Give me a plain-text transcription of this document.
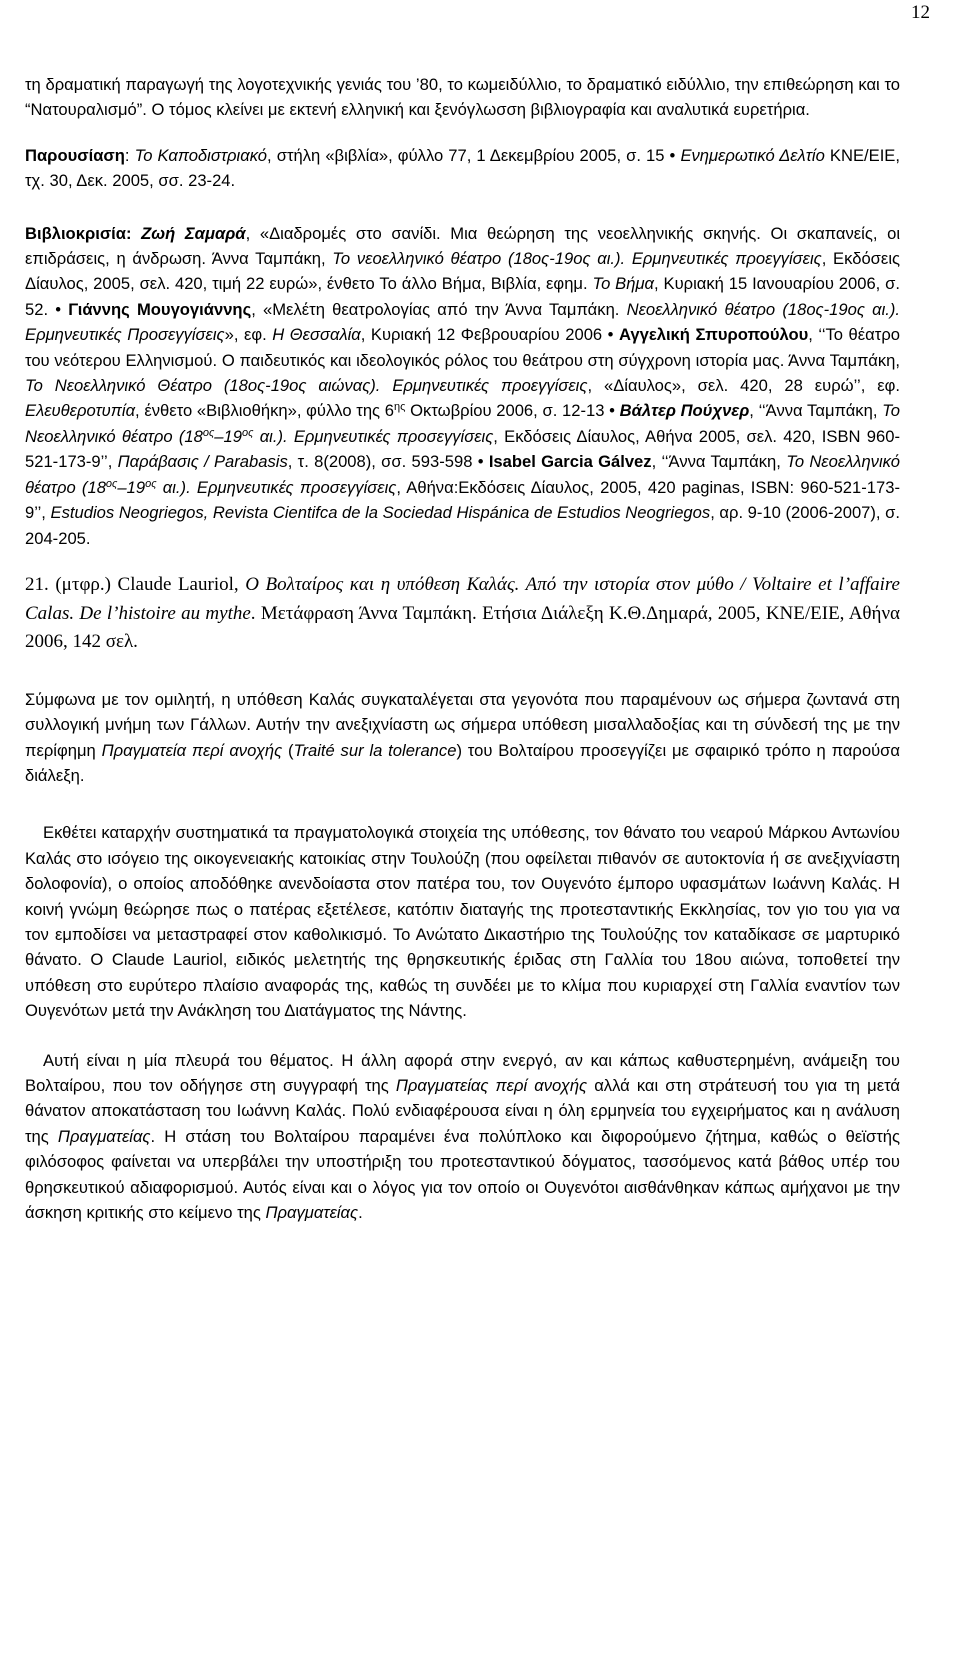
12

τη δραματική παραγωγή της λογοτεχνικής γενιάς του ’80, το κωμειδύλλιο, το δραματικό ειδύλλιο, την επιθεώρηση και το “Νατουραλισμό”. Ο τόμος κλείνει με εκτενή ελληνική και ξενόγλωσση βιβλιογραφία και αναλυτικά ευρετήρια.

Παρουσίαση: Το Καποδιστριακό, στήλη «βιβλία», φύλλο 77, 1 Δεκεμβρίου 2005, σ. 15 • Ενημερωτικό Δελτίο ΚΝΕ/ΕΙΕ, τχ. 30, Δεκ. 2005, σσ. 23-24.

Βιβλιοκρισία: Ζωή Σαμαρά, «Διαδρομές στο σανίδι. Μια θεώρηση της νεοελληνικής σκηνής. Οι σκαπανείς, οι επιδράσεις, η άνδρωση. Άννα Ταμπάκη, Το νεοελληνικό θέατρο (18ος-19ος αι.). Ερμηνευτικές προεγγίσεις, Εκδόσεις Δίαυλος, 2005, σελ. 420, τιμή 22 ευρώ», ένθετο Το άλλο Βήμα, Βιβλία, εφημ. Το Βήμα, Κυριακή 15 Ιανουαρίου 2006, σ. 52. • Γιάννης Μουγογιάννης, «Μελέτη θεατρολογίας από την Άννα Ταμπάκη. Νεοελληνικό θέατρο (18ος-19ος αι.). Ερμηνευτικές Προσεγγίσεις», εφ. Η Θεσσαλία, Κυριακή 12 Φεβρουαρίου 2006 • Αγγελική Σπυροπούλου, ‘‘Το θέατρο του νεότερου Ελληνισμού. Ο παιδευτικός και ιδεολογικός ρόλος του θεάτρου στη σύγχρονη ιστορία μας. Άννα Ταμπάκη, Το Νεοελληνικό Θέατρο (18ος-19ος αιώνας). Ερμηνευτικές προεγγίσεις, «Δίαυλος», σελ. 420, 28 ευρώ’’, εφ. Ελευθεροτυπία, ένθετο «Βιβλιοθήκη», φύλλο της $6^{\eta\varsigma}$ Οκτωβρίου 2006, σ. 12-13 • Βάλτερ Πούχνερ, ‘‘Άννα Ταμπάκη, Το Νεοελληνικό θέατρο ($18^{o\varsigma}-19^{o\varsigma}$ αι.). Ερμηνευτικές προσεγγίσεις, Εκδόσεις Δίαυλος, Αθήνα 2005, σελ. 420, ISBN 960-521-173-9’’, Παράβασις / Parabasis, τ. 8(2008), σσ. 593-598 • Isabel Garcia Gálvez, ‘‘Άννα Ταμπάκη, Το Νεοελληνικό θέατρο ($18^{o\varsigma}-19^{o\varsigma}$ αι.). Ερμηνευτικές προσεγγίσεις, Αθήνα:Εκδόσεις Δίαυλος, 2005, 420 paginas, ISBN: 960-521-173-9’’, Estudios Neogriegos, Revista Cientifca de la Sociedad Hispánica de Estudios Neogriegos, αρ. 9-10 (2006-2007), σ. 204-205.

21. (μτφρ.) Claude Lauriol, Ο Βολταίρος και η υπόθεση Καλάς. Από την ιστορία στον μύθο / Voltaire et l’affaire Calas. De l’histoire au mythe. Μετάφραση Άννα Ταμπάκη. Ετήσια Διάλεξη Κ.Θ.Δημαρά, 2005, ΚΝΕ/ΕΙΕ, Αθήνα 2006, 142 σελ.

Σύμφωνα με τον ομιλητή, η υπόθεση Καλάς συγκαταλέγεται στα γεγονότα που παραμένουν ως σήμερα ζωντανά στη συλλογική μνήμη των Γάλλων. Αυτήν την ανεξιχνίαστη ως σήμερα υπόθεση μισαλλαδοξίας και τη σύνδεσή της με την περίφημη Πραγματεία περί ανοχής (Traité sur la tolerance) του Βολταίρου προσεγγίζει με σφαιρικό τρόπο η παρούσα διάλεξη.

Εκθέτει καταρχήν συστηματικά τα πραγματολογικά στοιχεία της υπόθεσης, τον θάνατο του νεαρού Μάρκου Αντωνίου Καλάς στο ισόγειο της οικογενειακής κατοικίας στην Τουλούζη (που οφείλεται πιθανόν σε αυτοκτονία ή σε ανεξιχνίαστη δολοφονία), ο οποίος αποδόθηκε ανενδοίαστα στον πατέρα του, τον Ουγενότο έμπορο υφασμάτων Ιωάννη Καλάς. Η κοινή γνώμη θεώρησε πως ο πατέρας εξετέλεσε, κατόπιν διαταγής της προτεσταντικής Εκκλησίας, τον γιο του για να τον εμποδίσει να μεταστραφεί στον καθολικισμό. Το Ανώτατο Δικαστήριο της Τουλούζης τον καταδίκασε σε μαρτυρικό θάνατο. Ο Claude Lauriol, ειδικός μελετητής της θρησκευτικής έριδας στη Γαλλία του 18ου αιώνα, τοποθετεί την υπόθεση στο ευρύτερο πλαίσιο αναφοράς της, καθώς τη συνδέει με το κλίμα που κυριαρχεί στη Γαλλία εναντίον των Ουγενότων μετά την Ανάκληση του Διατάγματος της Νάντης.

Αυτή είναι η μία πλευρά του θέματος. Η άλλη αφορά στην ενεργό, αν και κάπως καθυστερημένη, ανάμειξη του Βολταίρου, που τον οδήγησε στη συγγραφή της Πραγματείας περί ανοχής αλλά και στη στράτευσή του για τη μετά θάνατον αποκατάσταση του Ιωάννη Καλάς. Πολύ ενδιαφέρουσα είναι η όλη ερμηνεία του εγχειρήματος και η ανάλυση της Πραγματείας. Η στάση του Βολταίρου παραμένει ένα πολύπλοκο και διφορούμενο ζήτημα, καθώς ο θεϊστής φιλόσοφος φαίνεται να υπερβάλει την υποστήριξη του προτεσταντικού δόγματος, τασσόμενος κατά βάθος υπέρ του θρησκευτικού αδιαφορισμού. Αυτός είναι και ο λόγος για τον οποίο οι Ουγενότοι αισθάνθηκαν κάπως αμήχανοι με την άσκηση κριτικής στο κείμενο της Πραγματείας.
